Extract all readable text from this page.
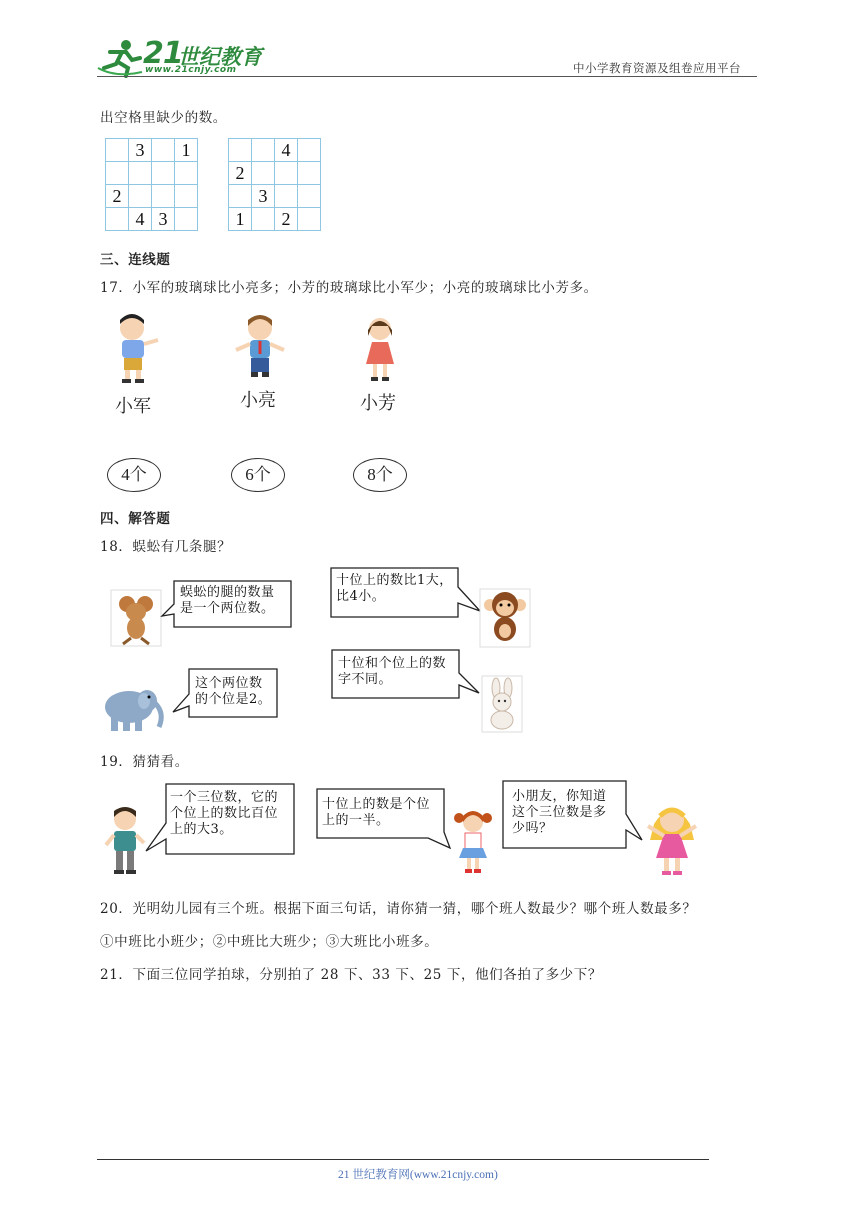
21
世纪教育
www.21cnjy.com	中小学教育资源及组卷应用平台
出空格里缺少的数。
	3		1

2			
	4	3	
		4	
2			
	3		
1		2	
三、连线题
17．小军的玻璃球比小亮多；小芳的玻璃球比小军少；小亮的玻璃球比小芳多。
小军	小亮	小芳
4个	6个	8个
四、解答题
18．蜈蚣有几条腿？
蜈蚣的腿的数量
是一个两位数。
十位上的数比1大，
比4小。
这个两位数
的个位是2。
十位和个位上的数
字不同。
19．猜猜看。
一个三位数，它的
个位上的数比百位
上的大3。
十位上的数是个位
上的一半。
小朋友，你知道
这个三位数是多
少吗？
20．光明幼儿园有三个班。根据下面三句话，请你猜一猜，哪个班人数最少？哪个班人数最多？
①中班比小班少；②中班比大班少；③大班比小班多。
21．下面三位同学拍球，分别拍了 28 下、33 下、25 下，他们各拍了多少下？
21 世纪教育网(www.21cnjy.com)
